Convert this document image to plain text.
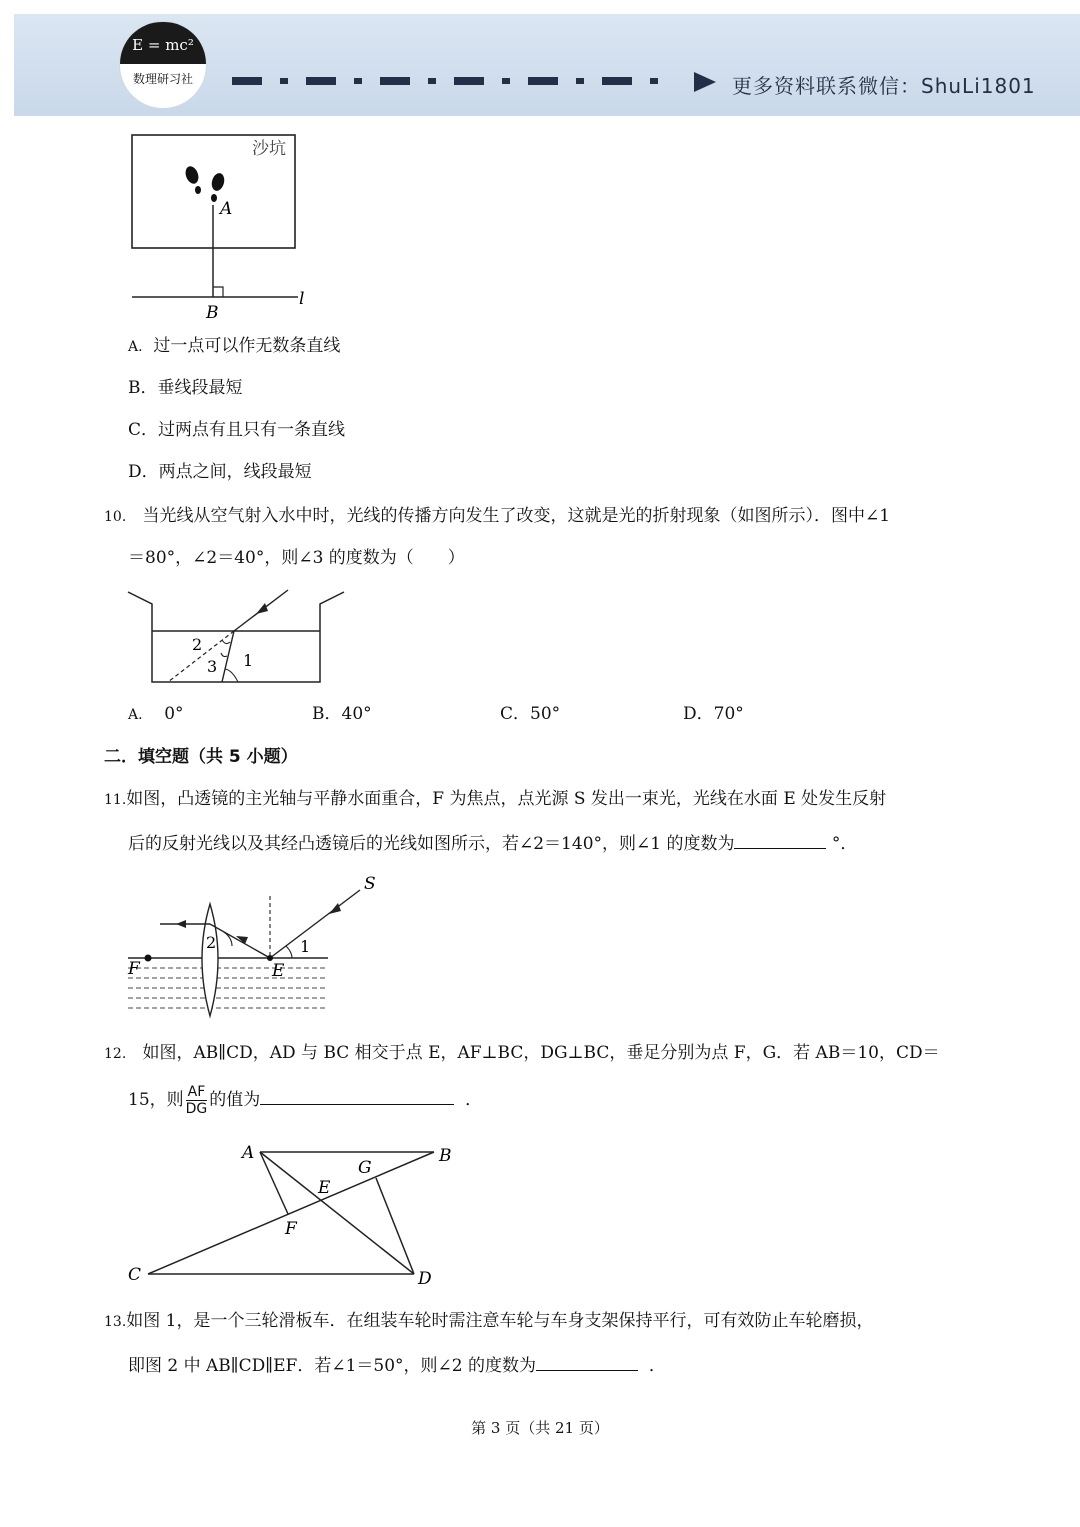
E = mc²
数理研习社	更多资料联系微信：ShuLi1801
沙坑
A
B
l
A. 过一点可以作无数条直线
B．垂线段最短
C．过两点有且只有一条直线
D．两点之间，线段最短
10. 当光线从空气射入水中时，光线的传播方向发生了改变，这就是光的折射现象（如图所示）．图中∠1
＝80°，∠2＝40°，则∠3 的度数为（　　）
2
3 1
A. 0°	B．40°	C．50°	D．70°
二．填空题（共 5 小题）
11.如图，凸透镜的主光轴与平静水面重合，F 为焦点，点光源 S 发出一束光，光线在水面 E 处发生反射
后的反射光线以及其经凸透镜后的光线如图所示，若∠2＝140°，则∠1 的度数为	°．
S
F	E
1
2
12. 如图，AB∥CD，AD 与 BC 相交于点 E，AF⊥BC，DG⊥BC，垂足分别为点 F，G．若 AB＝10，CD＝
15，则 $\frac{AF}{DG}$ 的值为	．
A	B
C	D
E
F
G
13.如图 1，是一个三轮滑板车．在组装车轮时需注意车轮与车身支架保持平行，可有效防止车轮磨损，
即图 2 中 AB∥CD∥EF．若∠1＝50°，则∠2 的度数为	．
第 3 页（共 21 页）
